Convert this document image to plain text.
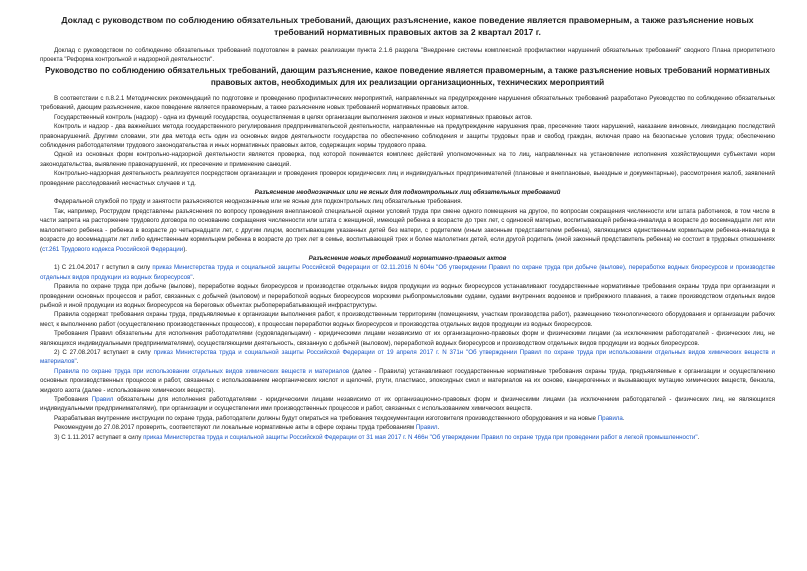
Доклад с руководством по соблюдению обязательных требований, дающих разъяснение, какое поведение является правомерным, а также разъяснение новых требований нормативных правовых актов за 2 квартал 2017 г.

Доклад с руководством по соблюдению обязательных требований подготовлен в рамках реализации пункта 2.1.6 раздела "Внедрение системы комплексной профилактики нарушений обязательных требований" сводного Плана приоритетного проекта "Реформа контрольной и надзорной деятельности".

Руководство по соблюдению обязательных требований, дающим разъяснение, какое поведение является правомерным, а также разъяснение новых требований нормативных правовых актов, необходимых для их реализации организационных, технических мероприятий

В соответствии с п.8.2.1 Методических рекомендаций по подготовке и проведению профилактических мероприятий, направленных на предупреждение нарушения обязательных требований разработано Руководство по соблюдению обязательных требований, дающим разъяснение, какое поведение является правомерным, а также разъяснение новых требований нормативных правовых актов.

Государственный контроль (надзор) - одна из функций государства, осуществляемая в целях организации выполнения законов и иных нормативных правовых актов.

Контроль и надзор - два важнейших метода государственного регулирования предпринимательской деятельности, направленные на предупреждение нарушения прав, пресечение таких нарушений, наказание виновных, ликвидацию последствий правонарушений. Другими словами, эти два метода есть один из основных видов деятельности государства по обеспечению соблюдения и защиты трудовых прав и свобод граждан, включая право на безопасные условия труда; обеспечению соблюдения работодателями трудового законодательства и иных нормативных правовых актов, содержащих нормы трудового права.

Одной из основных форм контрольно-надзорной деятельности является проверка, под которой понимается комплекс действий уполномоченных на то лиц, направленных на установление исполнения хозяйствующими субъектами норм законодательства, выявление правонарушений, их пресечение и применение санкций.

Контрольно-надзорная деятельность реализуется посредством организации и проведения проверок юридических лиц и индивидуальных предпринимателей (плановые и внеплановые, выездные и документарные), рассмотрения жалоб, заявлений проведение расследований несчастных случаев и т.д.

Разъяснение неоднозначных или не ясных для подконтрольных лиц обязательных требований

Федеральной службой по труду и занятости разъясняются неоднозначные или не ясные для подконтрольных лиц обязательные требования.

Так, например, Рострудом представлены разъяснения по вопросу проведения внеплановой специальной оценки условий труда при смене одного помещения на другое, по вопросам сокращения численности или штата работников, в том числе в части запрета на расторжение трудового договора по основанию сокращения численности или штата с женщиной, имеющей ребенка в возрасте до трех лет, с одинокой матерью, воспитывающей ребенка-инвалида в возрасте до восемнадцати лет или малолетнего ребенка - ребенка в возрасте до четырнадцати лет, с другим лицом, воспитывающим указанных детей без матери, с родителем (иным законным представителем ребенка), являющимся единственным кормильцем ребенка-инвалида в возрасте до восемнадцати лет либо единственным кормильцем ребенка в возрасте до трех лет в семье, воспитывающей трех и более малолетних детей, если другой родитель (иной законный представитель ребенка) не состоит в трудовых отношениях (ст.261 Трудового кодекса Российской Федерации).

Разъяснение новых требований нормативно-правовых актов

1) С 21.04.2017 г вступил в силу приказ Министерства труда и социальной защиты Российской Федерации от 02.11.2016 N 604н "Об утверждении Правил по охране труда при добыче (вылове), переработке водных биоресурсов и производстве отдельных видов продукции из водных биоресурсов".

Правила по охране труда при добыче (вылове), переработке водных биоресурсов и производстве отдельных видов продукции из водных биоресурсов устанавливают государственные нормативные требования охраны труда при организации и проведении основных процессов и работ, связанных с добычей (выловом) и переработкой водных биоресурсов морскими рыбопромысловыми судами, судами внутренних водоемов и прибрежного плавания, а также производством отдельных видов рыбной и иной продукции из водных биоресурсов на береговых объектах рыбоперерабатывающей инфраструктуры.

Правила содержат требования охраны труда, предъявляемые к организации выполнения работ, к производственным территориям (помещениям, участкам производства работ), размещению технологического оборудования и организации рабочих мест, к выполнению работ (осуществлению производственных процессов), к процессам переработки водных биоресурсов и производства отдельных видов продукции из водных биоресурсов.

Требования Правил обязательны для исполнения работодателями (судовладельцами) - юридическими лицами независимо от их организационно-правовых форм и физическими лицами (за исключением работодателей - физических лиц, не являющихся индивидуальными предпринимателями), осуществляющими деятельность, связанную с добычей (выловом), переработкой водных биоресурсов и производством отдельных видов продукции из водных биоресурсов.

2) С 27.08.2017 вступает в силу приказ Министерства труда и социальной защиты Российской Федерации от 19 апреля 2017 г. N 371н "Об утверждении Правил по охране труда при использовании отдельных видов химических веществ и материалов".

Правила по охране труда при использовании отдельных видов химических веществ и материалов (далее - Правила) устанавливают государственные нормативные требования охраны труда, предъявляемые к организации и осуществлению основных производственных процессов и работ, связанных с использованием неорганических кислот и щелочей, ртути, пластмасс, эпоксидных смол и материалов на их основе, канцерогенных и вызывающих мутацию химических веществ, бензола, жидкого азота (далее - использование химических веществ).

Требования Правил обязательны для исполнения работодателями - юридическими лицами независимо от их организационно-правовых форм и физическими лицами (за исключением работодателей - физических лиц, не являющихся индивидуальными предпринимателями), при организации и осуществлении ими производственных процессов и работ, связанных с использованием химических веществ.

Разрабатывая внутренние инструкции по охране труда, работодатели должны будут опираться на требования техдокументации изготовителя производственного оборудования и на новые Правила.

Рекомендуем до 27.08.2017 проверить, соответствуют ли локальные нормативные акты в сфере охраны труда требованиям Правил.

3) С 1.11.2017 вступает в силу приказ Министерства труда и социальной защиты Российской Федерации от 31 мая 2017 г. N 466н "Об утверждении Правил по охране труда при проведении работ в легкой промышленности".
